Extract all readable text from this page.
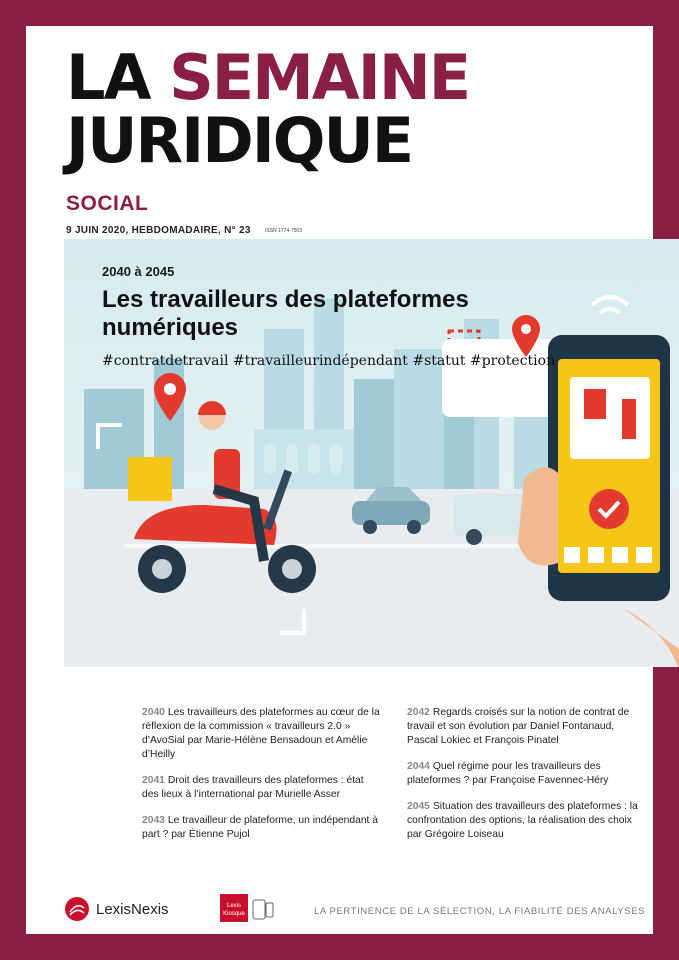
LA SEMAINE
JURIDIQUE
SOCIAL
9 JUIN 2020, HEBDOMADAIRE, N° 23	ISSN 1774-7503
2040 Les travailleurs des plateformes au cœur de la réflexion de la commission « travailleurs 2.0 » d’AvoSial par Marie-Hélène Bensadoun et Amélie d’Heilly
2041 Droit des travailleurs des plateformes : état des lieux à l’international par Murielle Asser
2043 Le travailleur de plateforme, un indépendant à part ? par Étienne Pujol
2042 Regards croisés sur la notion de contrat de travail et son évolution par Daniel Fontanaud, Pascal Lokiec et François Pinatel
2044 Quel régime pour les travailleurs des plateformes ? par Françoise Favennec-Héry
2045 Situation des travailleurs des plateformes : la confrontation des options, la réalisation des choix par Grégoire Loiseau
2040 à 2045
Les travailleurs des plateformes numériques
#contratdetravail #travailleurindépendant #statut #protection
LexisNexis	Lexis
Kiosque	LA PERTINENCE DE LA SÉLECTION, LA FIABILITÉ DES ANALYSES
